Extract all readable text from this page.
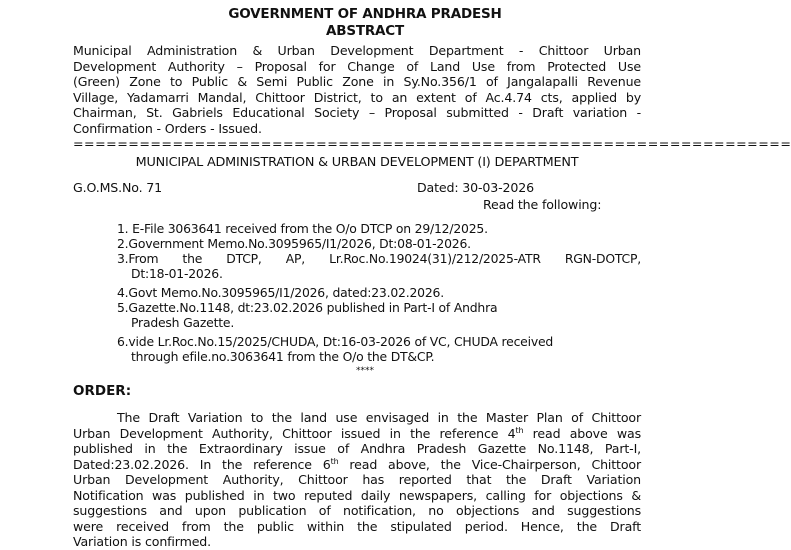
GOVERNMENT OF ANDHRA PRADESH
ABSTRACT
Municipal Administration & Urban Development Department - Chittoor Urban
Development Authority – Proposal for Change of Land Use from Protected Use
(Green) Zone to Public & Semi Public Zone in Sy.No.356/1 of Jangalapalli Revenue
Village, Yadamarri Mandal, Chittoor District, to an extent of Ac.4.74 cts, applied by
Chairman, St. Gabriels Educational Society – Proposal submitted - Draft variation -
Confirmation - Orders - Issued.
=================================================================
MUNICIPAL ADMINISTRATION & URBAN DEVELOPMENT (I) DEPARTMENT
G.O.MS.No. 71	Dated: 30-03-2026
Read the following:
1. E-File 3063641 received from the O/o DTCP on 29/12/2025.
2.Government Memo.No.3095965/I1/2026, Dt:08-01-2026.
3.From the DTCP, AP, Lr.Roc.No.19024(31)/212/2025-ATR RGN-DOTCP,
Dt:18-01-2026.
4.Govt Memo.No.3095965/I1/2026, dated:23.02.2026.
5.Gazette.No.1148, dt:23.02.2026 published in Part-I of Andhra
Pradesh Gazette.
6.vide Lr.Roc.No.15/2025/CHUDA, Dt:16-03-2026 of VC, CHUDA received
through efile.no.3063641 from the O/o the DT&CP.
****
ORDER:
The Draft Variation to the land use envisaged in the Master Plan of Chittoor
Urban Development Authority, Chittoor issued in the reference 4th read above was
published in the Extraordinary issue of Andhra Pradesh Gazette No.1148, Part-I,
Dated:23.02.2026. In the reference 6th read above, the Vice-Chairperson, Chittoor
Urban Development Authority, Chittoor has reported that the Draft Variation
Notification was published in two reputed daily newspapers, calling for objections &
suggestions and upon publication of notification, no objections and suggestions
were received from the public within the stipulated period. Hence, the Draft
Variation is confirmed.
